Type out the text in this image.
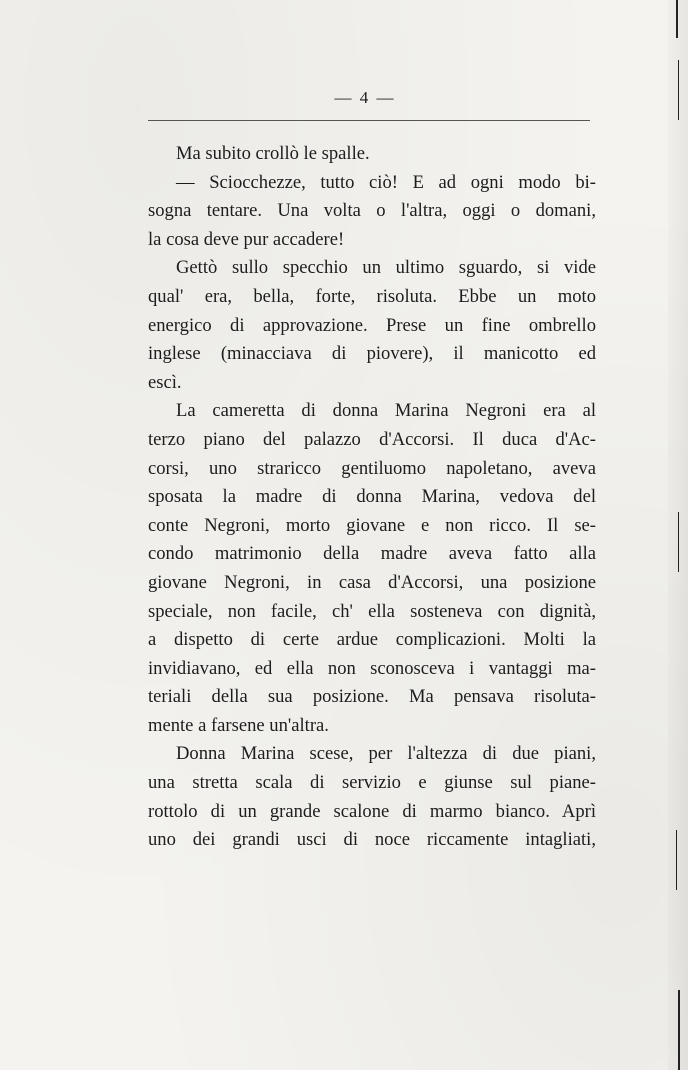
— 4 —
Ma subito crollò le spalle.
— Sciocchezze, tutto ciò! E ad ogni modo bi-
sogna tentare. Una volta o l'altra, oggi o domani,
la cosa deve pur accadere!
Gettò sullo specchio un ultimo sguardo, si vide
qual' era, bella, forte, risoluta. Ebbe un moto
energico di approvazione. Prese un fine ombrello
inglese (minacciava di piovere), il manicotto ed
escì.
La cameretta di donna Marina Negroni era al
terzo piano del palazzo d'Accorsi. Il duca d'Ac-
corsi, uno straricco gentiluomo napoletano, aveva
sposata la madre di donna Marina, vedova del
conte Negroni, morto giovane e non ricco. Il se-
condo matrimonio della madre aveva fatto alla
giovane Negroni, in casa d'Accorsi, una posizione
speciale, non facile, ch' ella sosteneva con dignità,
a dispetto di certe ardue complicazioni. Molti la
invidiavano, ed ella non sconosceva i vantaggi ma-
teriali della sua posizione. Ma pensava risoluta-
mente a farsene un'altra.
Donna Marina scese, per l'altezza di due piani,
una stretta scala di servizio e giunse sul piane-
rottolo di un grande scalone di marmo bianco. Aprì
uno dei grandi usci di noce riccamente intagliati,
